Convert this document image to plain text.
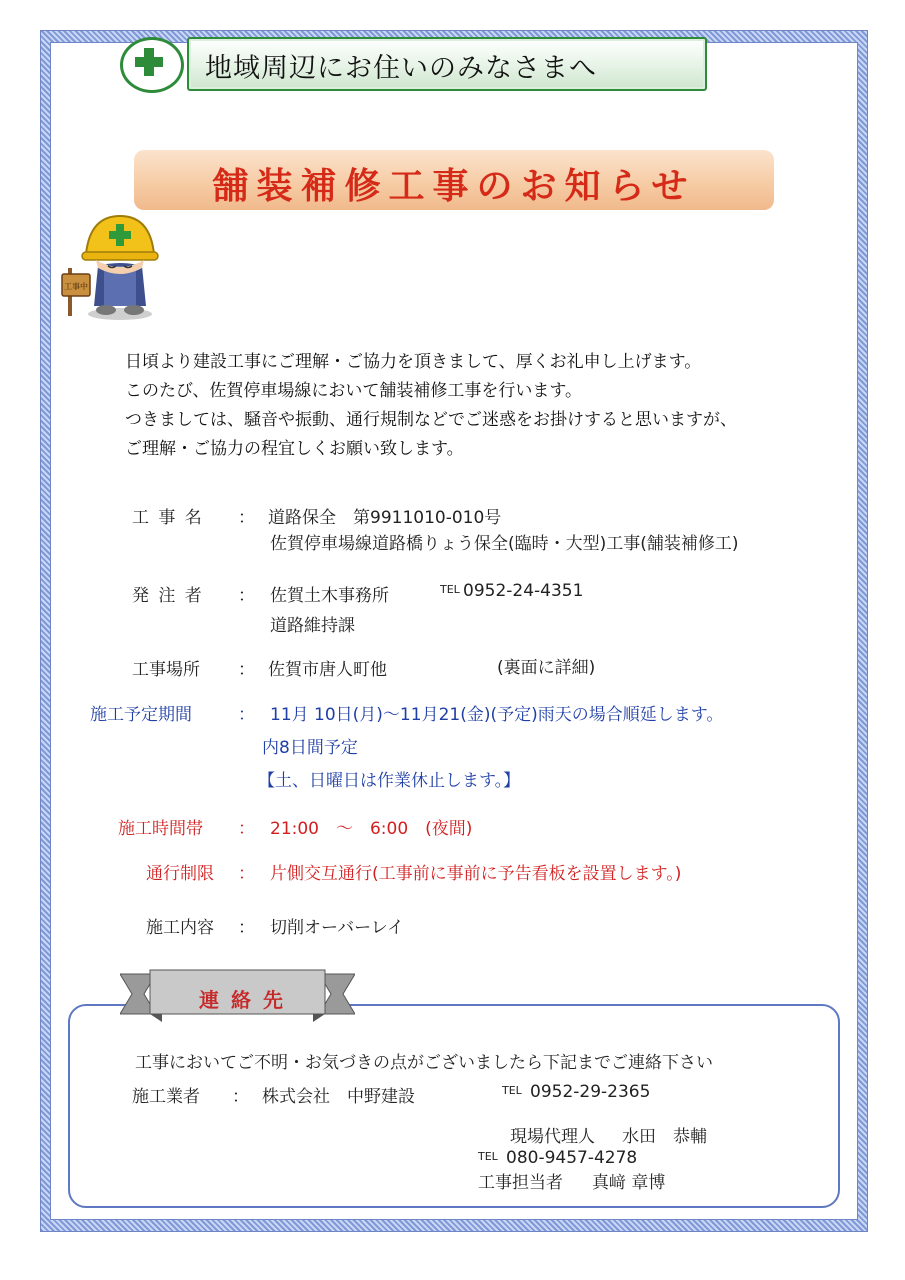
地域周辺にお住いのみなさまへ
舗装補修工事のお知らせ
工事中
日頃より建設工事にご理解・ご協力を頂きまして、厚くお礼申し上げます。
このたび、佐賀停車場線において舗装補修工事を行います。
つきましては、騒音や振動、通行規制などでご迷惑をお掛けすると思いますが、
ご理解・ご協力の程宜しくお願い致します。
工 事 名 ： 道路保全　第9911010-010号
佐賀停車場線道路橋りょう保全(臨時・大型)工事(舗装補修工)
発 注 者 ： 佐賀土木事務所	TEL 0952-24-4351
道路維持課
工事場所 ： 佐賀市唐人町他	(裏面に詳細)
施工予定期間	： 11月 10日(月)～11月21(金)(予定)雨天の場合順延します。
内8日間予定
【土、日曜日は作業休止します。】
施工時間帯 ： 21:00　～　6:00　(夜間)
通行制限 ： 片側交互通行(工事前に事前に予告看板を設置します。)
施工内容 ： 切削オーバーレイ
連絡先
工事においてご不明・お気づきの点がございましたら下記までご連絡下さい
施工業者 ： 株式会社　中野建設	TEL 0952-29-2365
現場代理人 水田　恭輔
TEL 080-9457-4278
工事担当者 真﨑 章博
